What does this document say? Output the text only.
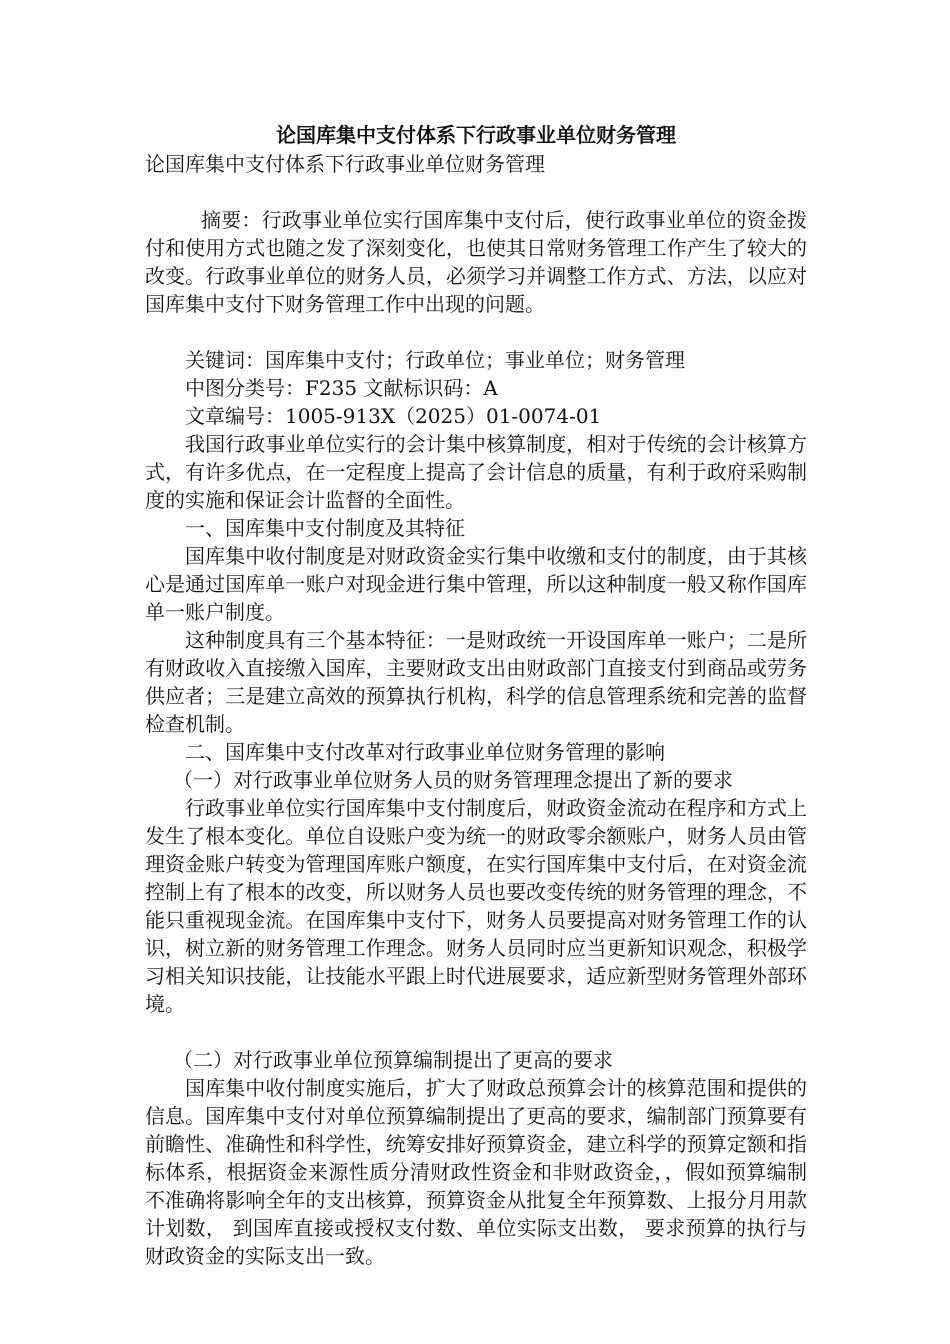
论国库集中支付体系下行政事业单位财务管理

论国库集中支付体系下行政事业单位财务管理

摘要：行政事业单位实行国库集中支付后，使行政事业单位的资金拨付和使用方式也随之发了深刻变化，也使其日常财务管理工作产生了较大的改变。行政事业单位的财务人员，必须学习并调整工作方式、方法，以应对国库集中支付下财务管理工作中出现的问题。

关键词：国库集中支付；行政单位；事业单位；财务管理

中图分类号：F235 文献标识码：A

文章编号：1005-913X（2025）01-0074-01

我国行政事业单位实行的会计集中核算制度，相对于传统的会计核算方式，有许多优点，在一定程度上提高了会计信息的质量，有利于政府采购制度的实施和保证会计监督的全面性。

一、国库集中支付制度及其特征

国库集中收付制度是对财政资金实行集中收缴和支付的制度，由于其核心是通过国库单一账户对现金进行集中管理，所以这种制度一般又称作国库单一账户制度。

这种制度具有三个基本特征：一是财政统一开设国库单一账户；二是所有财政收入直接缴入国库，主要财政支出由财政部门直接支付到商品或劳务供应者；三是建立高效的预算执行机构，科学的信息管理系统和完善的监督检查机制。

二、国库集中支付改革对行政事业单位财务管理的影响

（一）对行政事业单位财务人员的财务管理理念提出了新的要求

行政事业单位实行国库集中支付制度后，财政资金流动在程序和方式上发生了根本变化。单位自设账户变为统一的财政零余额账户，财务人员由管理资金账户转变为管理国库账户额度，在实行国库集中支付后，在对资金流控制上有了根本的改变，所以财务人员也要改变传统的财务管理的理念，不能只重视现金流。在国库集中支付下，财务人员要提高对财务管理工作的认识，树立新的财务管理工作理念。财务人员同时应当更新知识观念，积极学习相关知识技能，让技能水平跟上时代进展要求，适应新型财务管理外部环境。

（二）对行政事业单位预算编制提出了更高的要求

国库集中收付制度实施后，扩大了财政总预算会计的核算范围和提供的信息。国库集中支付对单位预算编制提出了更高的要求，编制部门预算要有前瞻性、准确性和科学性，统筹安排好预算资金，建立科学的预算定额和指标体系，根据资金来源性质分清财政性资金和非财政资金，，假如预算编制不准确将影响全年的支出核算，预算资金从批复全年预算数、上报分月用款计划数， 到国库直接或授权支付数、单位实际支出数， 要求预算的执行与财政资金的实际支出一致。
